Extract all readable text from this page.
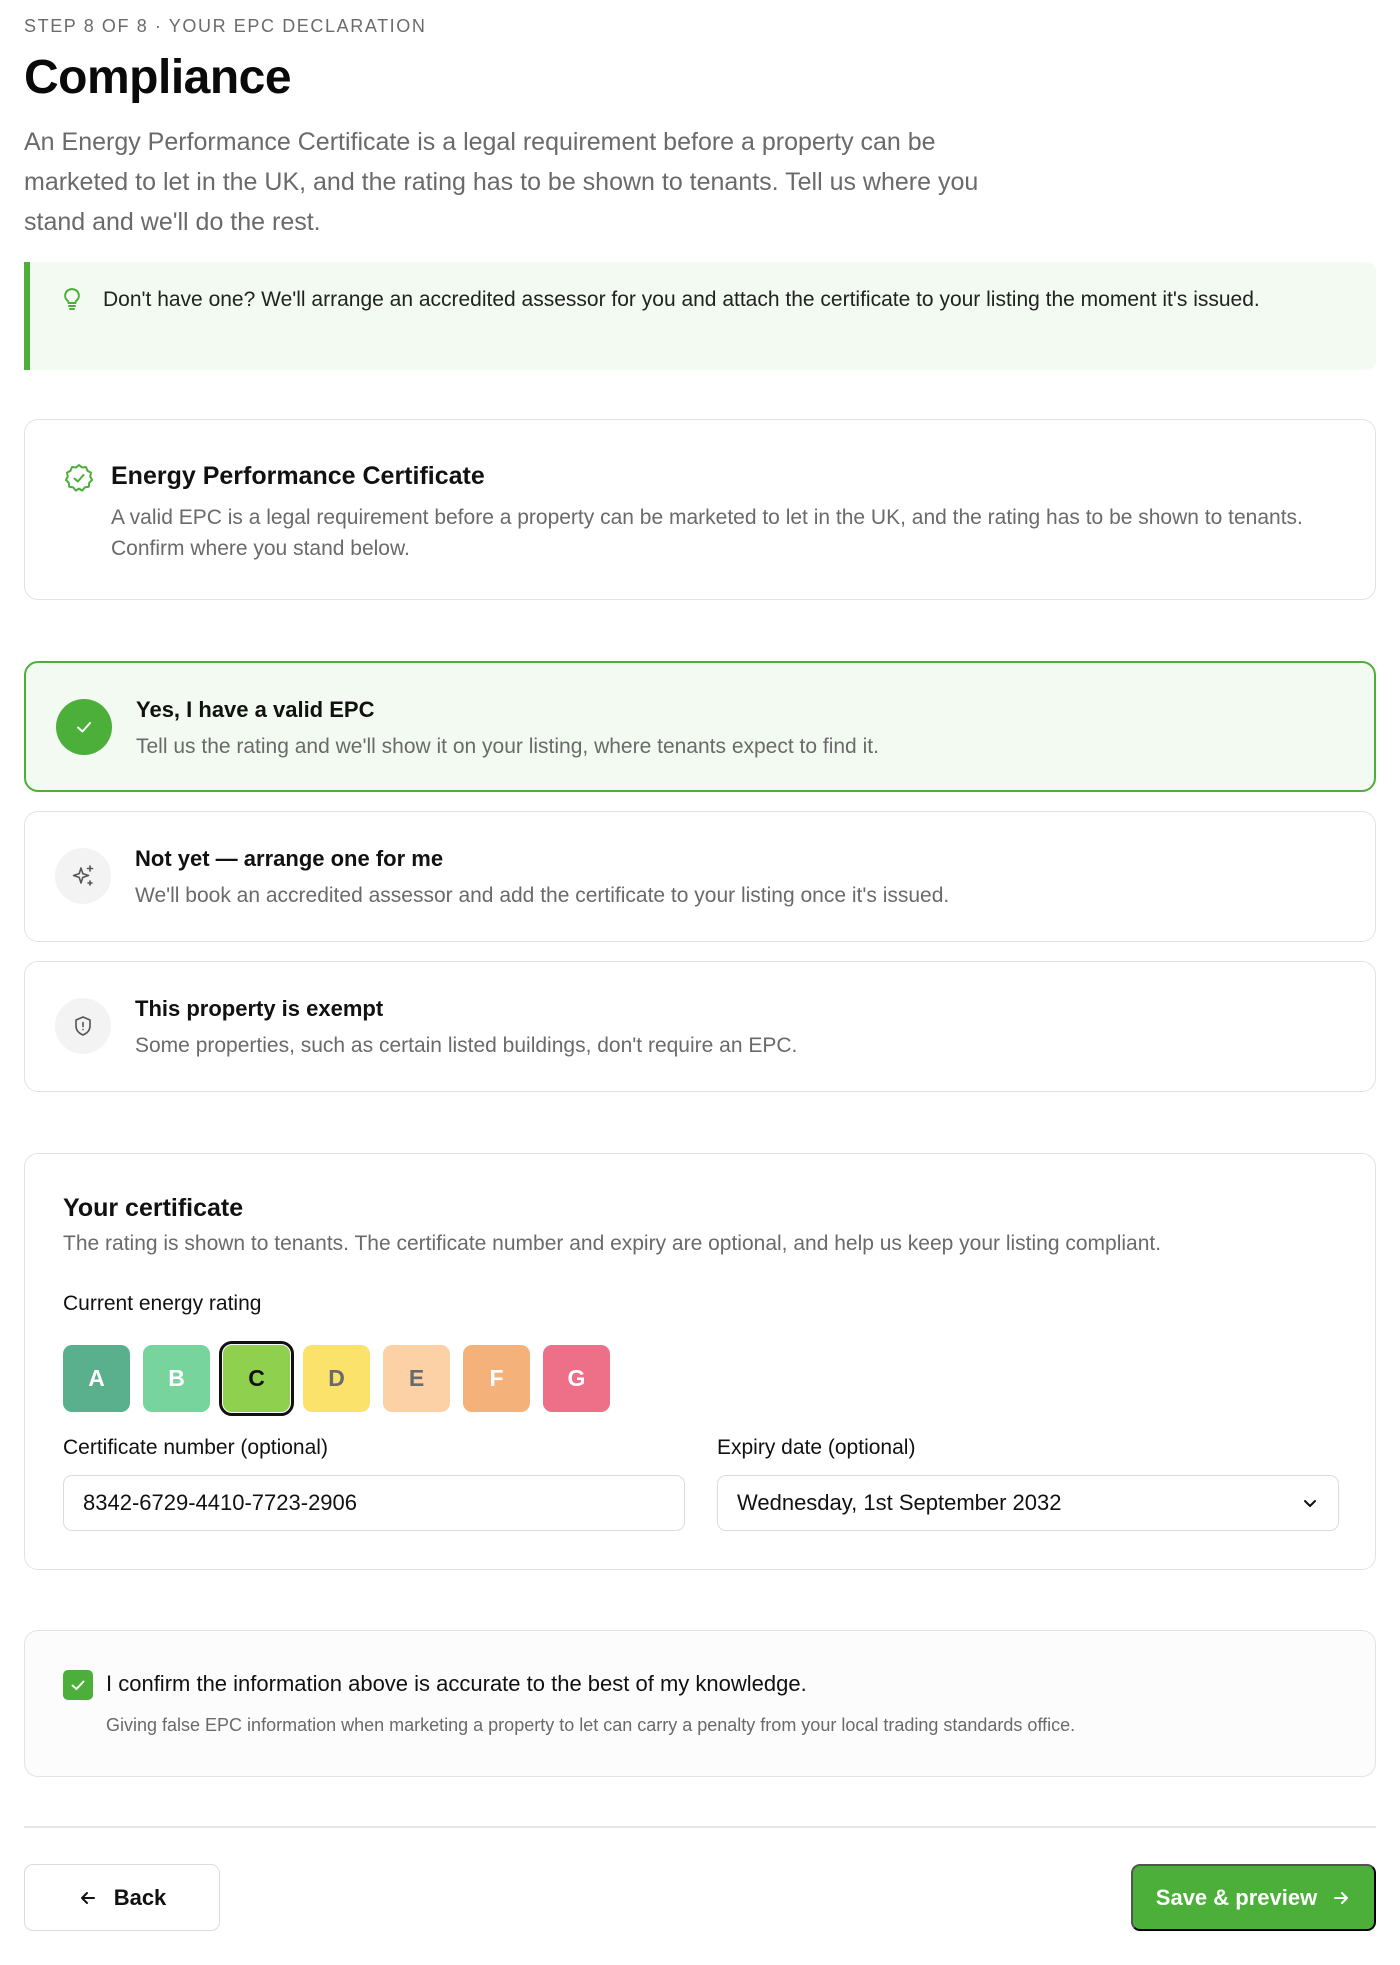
STEP 8 OF 8 · YOUR EPC DECLARATION
Compliance

An Energy Performance Certificate is a legal requirement before a property can be marketed to let in the UK, and the rating has to be shown to tenants. Tell us where you stand and we'll do the rest.

Don't have one? We'll arrange an accredited assessor for you and attach the certificate to your listing the moment it's issued.
Energy Performance Certificate
A valid EPC is a legal requirement before a property can be marketed to let in the UK, and the rating has to be shown to tenants. Confirm where you stand below.
Yes, I have a valid EPC
Tell us the rating and we'll show it on your listing, where tenants expect to find it.
Not yet — arrange one for me
We'll book an accredited assessor and add the certificate to your listing once it's issued.
This property is exempt
Some properties, such as certain listed buildings, don't require an EPC.
Your certificate
The rating is shown to tenants. The certificate number and expiry are optional, and help us keep your listing compliant.
Current energy rating
A	B	C	D	E	F	G
Certificate number (optional)
8342-6729-4410-7723-2906	Expiry date (optional)
Wednesday, 1st September 2032
I confirm the information above is accurate to the best of my knowledge.
Giving false EPC information when marketing a property to let can carry a penalty from your local trading standards office.
Back	Save & preview
